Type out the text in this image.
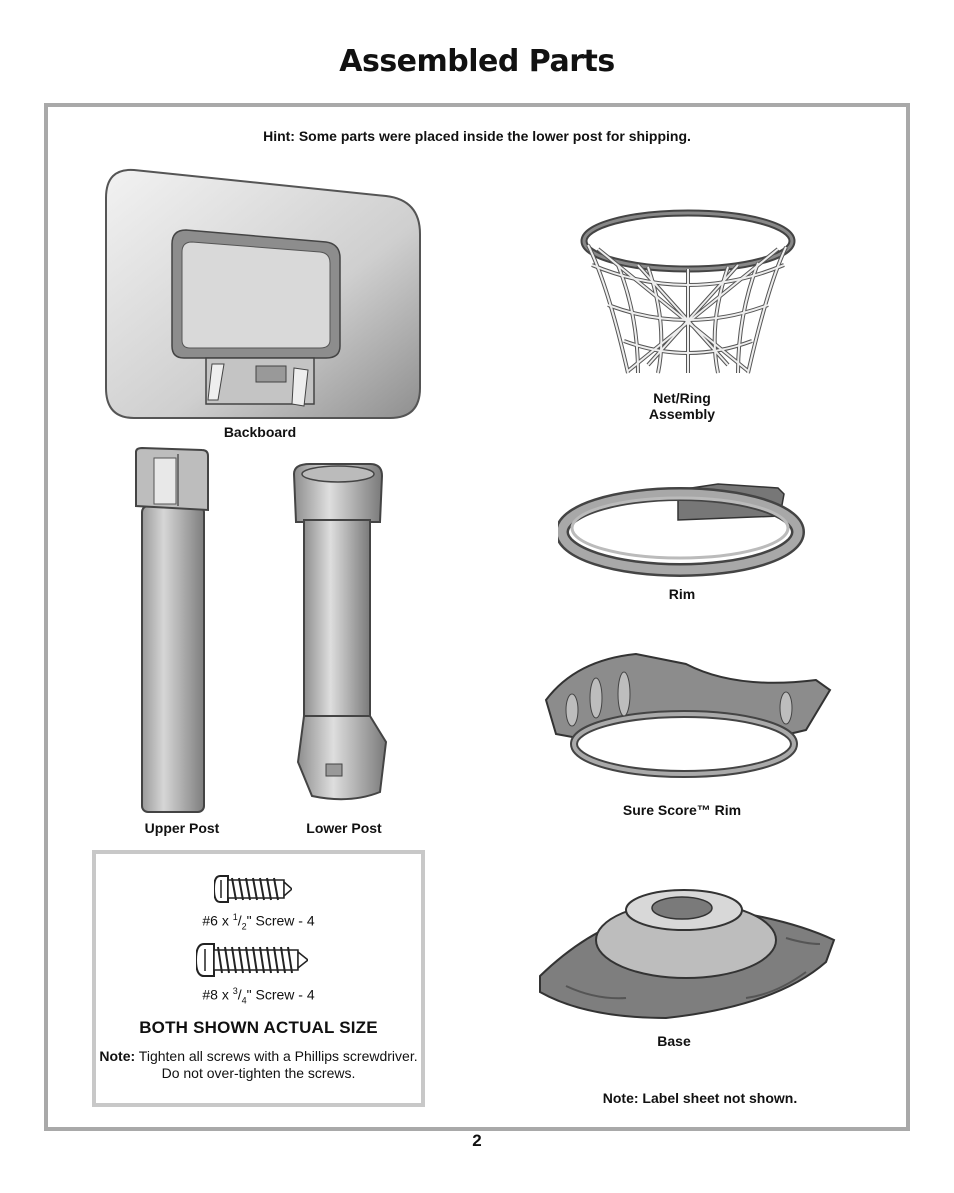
Assembled Parts
Hint: Some parts were placed inside the lower post for shipping.
Backboard
Net/Ring
Assembly
Upper Post	Lower Post
Rim
Sure Score™ Rim
Base
#6 x $^1/_2$" Screw - 4
#8 x $^3/_4$" Screw - 4
BOTH SHOWN ACTUAL SIZE
Note: Tighten all screws with a Phillips screwdriver. Do not over-tighten the screws.
Note: Label sheet not shown.
2
